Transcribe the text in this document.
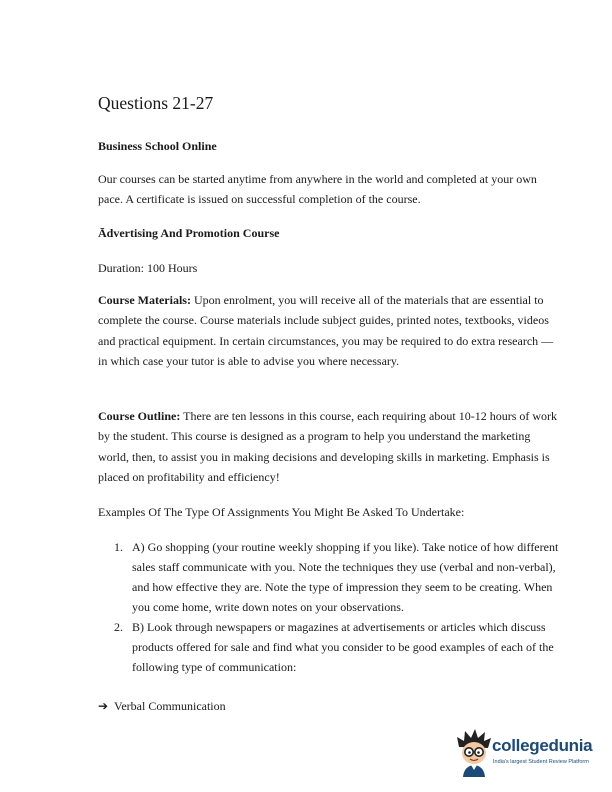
Questions 21-27

Business School Online

Our courses can be started anytime from anywhere in the world and completed at your own pace. A certificate is issued on successful completion of the course.

Ādvertising And Promotion Course

Duration: 100 Hours

Course Materials: Upon enrolment, you will receive all of the materials that are essential to complete the course. Course materials include subject guides, printed notes, textbooks, videos and practical equipment. In certain circumstances, you may be required to do extra research — in which case your tutor is able to advise you where necessary.

Course Outline: There are ten lessons in this course, each requiring about 10-12 hours of work by the student. This course is designed as a program to help you understand the marketing world, then, to assist you in making decisions and developing skills in marketing. Emphasis is placed on profitability and efficiency!

Examples Of The Type Of Assignments You Might Be Asked To Undertake:

1. A) Go shopping (your routine weekly shopping if you like). Take notice of how different sales staff communicate with you. Note the techniques they use (verbal and non-verbal), and how effective they are. Note the type of impression they seem to be creating. When you come home, write down notes on your observations.
2. B) Look through newspapers or magazines at advertisements or articles which discuss products offered for sale and find what you consider to be good examples of each of the following type of communication:
➔ Verbal Communication
collegedunia
India's largest Student Review Platform
